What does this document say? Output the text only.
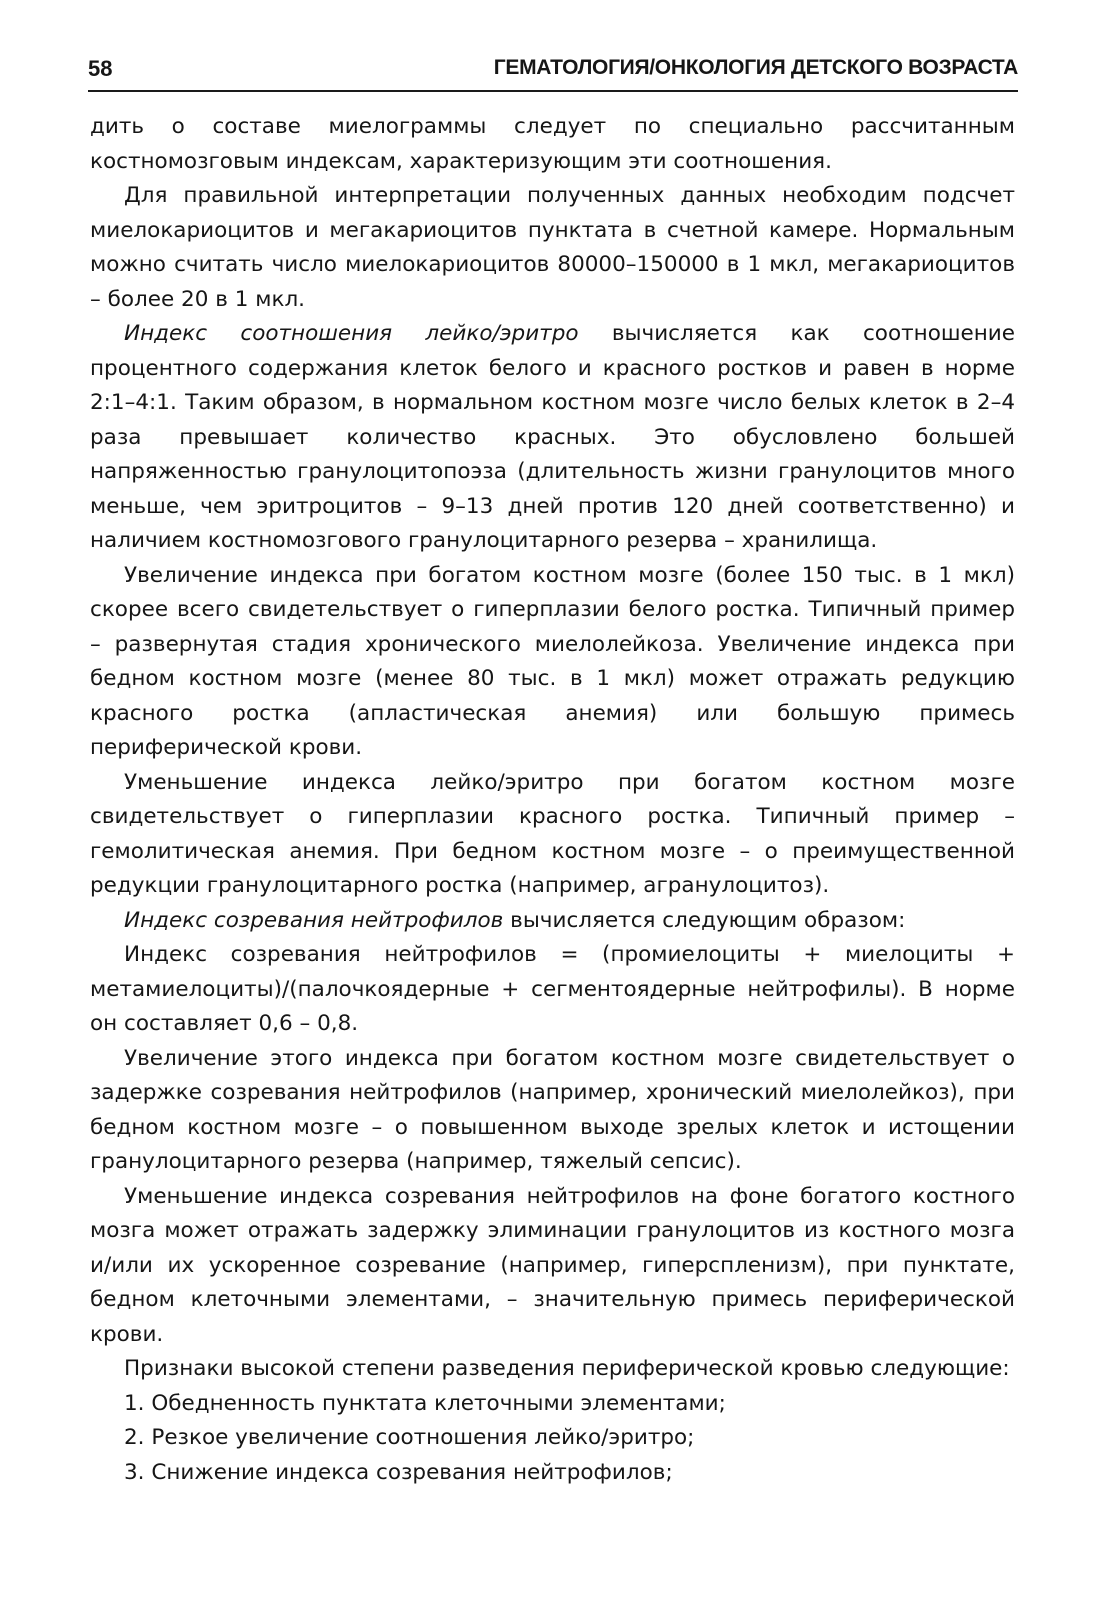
58	ГЕМАТОЛОГИЯ/ОНКОЛОГИЯ ДЕТСКОГО ВОЗРАСТА

дить о составе миелограммы следует по специально рассчитанным костномозговым индексам, характеризующим эти соотношения.

Для правильной интерпретации полученных данных необходим подсчет миелокариоцитов и мегакариоцитов пунктата в счетной камере. Нормальным можно считать число миелокариоцитов 80000–150000 в 1 мкл, мегакариоцитов – более 20 в 1 мкл.

Индекс соотношения лейко/эритро вычисляется как соотношение процентного содержания клеток белого и красного ростков и равен в норме 2:1–4:1. Таким образом, в нормальном костном мозге число белых клеток в 2–4 раза превышает количество красных. Это обусловлено большей напряженностью гранулоцитопоэза (длительность жизни гранулоцитов много меньше, чем эритроцитов – 9–13 дней против 120 дней соответственно) и наличием костномозгового гранулоцитарного резерва – хранилища.

Увеличение индекса при богатом костном мозге (более 150 тыс. в 1 мкл) скорее всего свидетельствует о гиперплазии белого ростка. Типичный пример – развернутая стадия хронического миелолейкоза. Увеличение индекса при бедном костном мозге (менее 80 тыс. в 1 мкл) может отражать редукцию красного ростка (апластическая анемия) или большую примесь периферической крови.

Уменьшение индекса лейко/эритро при богатом костном мозге свидетельствует о гиперплазии красного ростка. Типичный пример – гемолитическая анемия. При бедном костном мозге – о преимущественной редукции гранулоцитарного ростка (например, агранулоцитоз).

Индекс созревания нейтрофилов вычисляется следующим образом:

Индекс созревания нейтрофилов = (промиелоциты + миелоциты + метамиелоциты)/(палочкоядерные + сегментоядерные нейтрофилы). В норме он составляет 0,6 – 0,8.

Увеличение этого индекса при богатом костном мозге свидетельствует о задержке созревания нейтрофилов (например, хронический миелолейкоз), при бедном костном мозге – о повышенном выходе зрелых клеток и истощении гранулоцитарного резерва (например, тяжелый сепсис).

Уменьшение индекса созревания нейтрофилов на фоне богатого костного мозга может отражать задержку элиминации гранулоцитов из костного мозга и/или их ускоренное созревание (например, гиперспленизм), при пунктате, бедном клеточными элементами, – значительную примесь периферической крови.

Признаки высокой степени разведения периферической кровью следующие:

1. Обедненность пунктата клеточными элементами;
2. Резкое увеличение соотношения лейко/эритро;
3. Снижение индекса созревания нейтрофилов;
